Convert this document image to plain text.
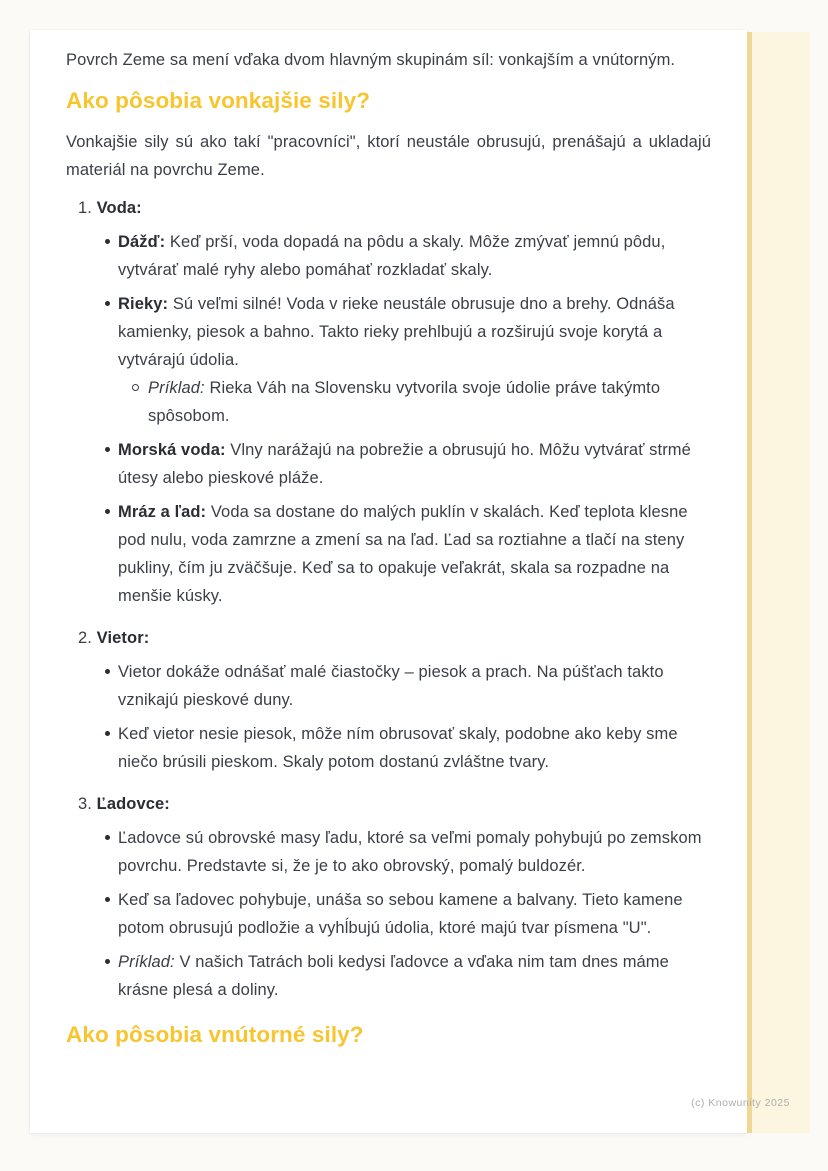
Povrch Zeme sa mení vďaka dvom hlavným skupinám síl: vonkajším a vnútorným.

Ako pôsobia vonkajšie sily?

Vonkajšie sily sú ako takí "pracovníci", ktorí neustále obrusujú, prenášajú a ukladajú materiál na povrchu Zeme.

1. Voda:
Dážď: Keď prší, voda dopadá na pôdu a skaly. Môže zmývať jemnú pôdu, vytvárať malé ryhy alebo pomáhať rozkladať skaly.
Rieky: Sú veľmi silné! Voda v rieke neustále obrusuje dno a brehy. Odnáša kamienky, piesok a bahno. Takto rieky prehlbujú a rozširujú svoje korytá a vytvárajú údolia.
Príklad: Rieka Váh na Slovensku vytvorila svoje údolie práve takýmto spôsobom.
Morská voda: Vlny narážajú na pobrežie a obrusujú ho. Môžu vytvárať strmé útesy alebo pieskové pláže.
Mráz a ľad: Voda sa dostane do malých puklín v skalách. Keď teplota klesne pod nulu, voda zamrzne a zmení sa na ľad. Ľad sa roztiahne a tlačí na steny pukliny, čím ju zväčšuje. Keď sa to opakuje veľakrát, skala sa rozpadne na menšie kúsky.
2. Vietor:
Vietor dokáže odnášať malé čiastočky – piesok a prach. Na púšťach takto vznikajú pieskové duny.
Keď vietor nesie piesok, môže ním obrusovať skaly, podobne ako keby sme niečo brúsili pieskom. Skaly potom dostanú zvláštne tvary.
3. Ľadovce:
Ľadovce sú obrovské masy ľadu, ktoré sa veľmi pomaly pohybujú po zemskom povrchu. Predstavte si, že je to ako obrovský, pomalý buldozér.
Keď sa ľadovec pohybuje, unáša so sebou kamene a balvany. Tieto kamene potom obrusujú podložie a vyhĺbujú údolia, ktoré majú tvar písmena "U".
Príklad: V našich Tatrách boli kedysi ľadovce a vďaka nim tam dnes máme krásne plesá a doliny.
Ako pôsobia vnútorné sily?
(c) Knowunity 2025
